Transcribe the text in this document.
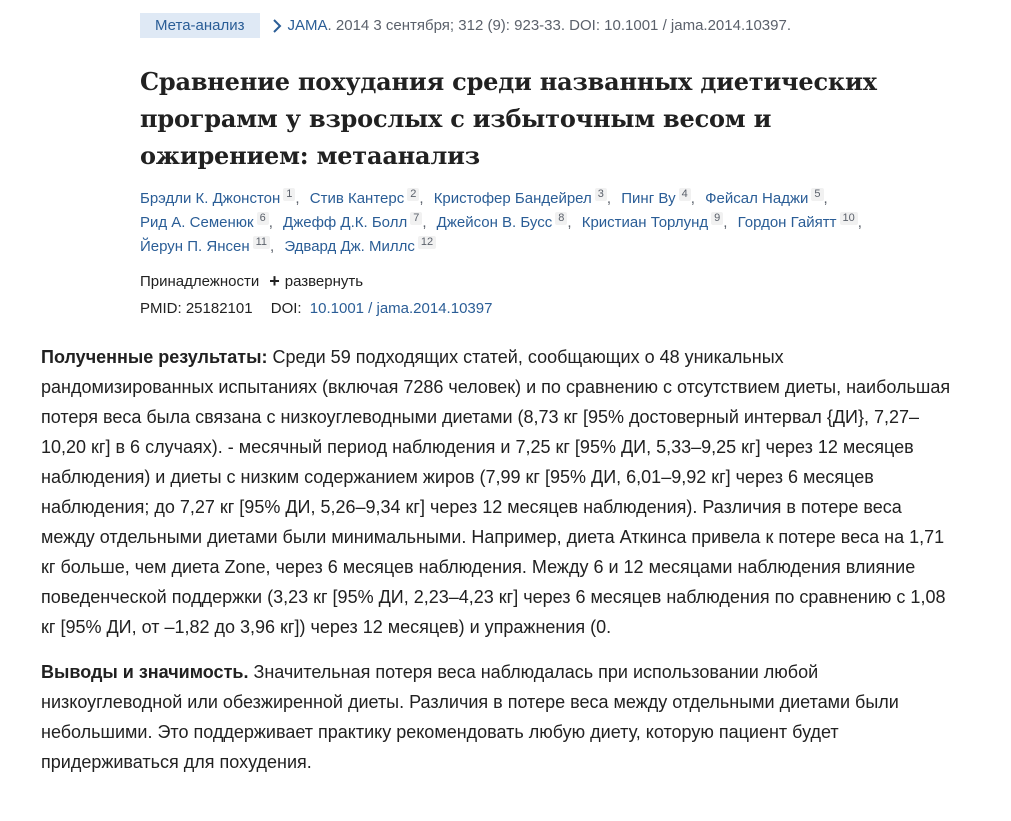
Мета-анализ	JAMA . 2014 3 сентября; 312 (9): 923-33. DOI: 10.1001 / jama.2014.10397.
Сравнение похудания среди названных диетических программ у взрослых с избыточным весом и ожирением: метаанализ
Брэдли К. Джонстон 1 , Стив Кантерс 2 , Кристофер Бандейрел 3 , Пинг Ву 4 , Фейсал Наджи 5 , Рид А. Семенюк 6 , Джефф Д.К. Болл 7 , Джейсон В. Бусс 8 , Кристиан Торлунд 9 , Гордон Гайятт 10 , Йерун П. Янсен 11 , Эдвард Дж. Миллс 12
Принадлежности + развернуть
PMID: 25182101 DOI: 10.1001 / jama.2014.10397

Полученные результаты: Среди 59 подходящих статей, сообщающих о 48 уникальных рандомизированных испытаниях (включая 7286 человек) и по сравнению с отсутствием диеты, наибольшая потеря веса была связана с низкоуглеводными диетами (8,73 кг [95% достоверный интервал {ДИ}, 7,27–10,20 кг] в 6 случаях). - месячный период наблюдения и 7,25 кг [95% ДИ, 5,33–9,25 кг] через 12 месяцев наблюдения) и диеты с низким содержанием жиров (7,99 кг [95% ДИ, 6,01–9,92 кг] через 6 месяцев наблюдения; до 7,27 кг [95% ДИ, 5,26–9,34 кг] через 12 месяцев наблюдения). Различия в потере веса между отдельными диетами были минимальными. Например, диета Аткинса привела к потере веса на 1,71 кг больше, чем диета Zone, через 6 месяцев наблюдения. Между 6 и 12 месяцами наблюдения влияние поведенческой поддержки (3,23 кг [95% ДИ, 2,23–4,23 кг] через 6 месяцев наблюдения по сравнению с 1,08 кг [95% ДИ, от –1,82 до 3,96 кг]) через 12 месяцев) и упражнения (0.

Выводы и значимость. Значительная потеря веса наблюдалась при использовании любой низкоуглеводной или обезжиренной диеты. Различия в потере веса между отдельными диетами были небольшими. Это поддерживает практику рекомендовать любую диету, которую пациент будет придерживаться для похудения.
